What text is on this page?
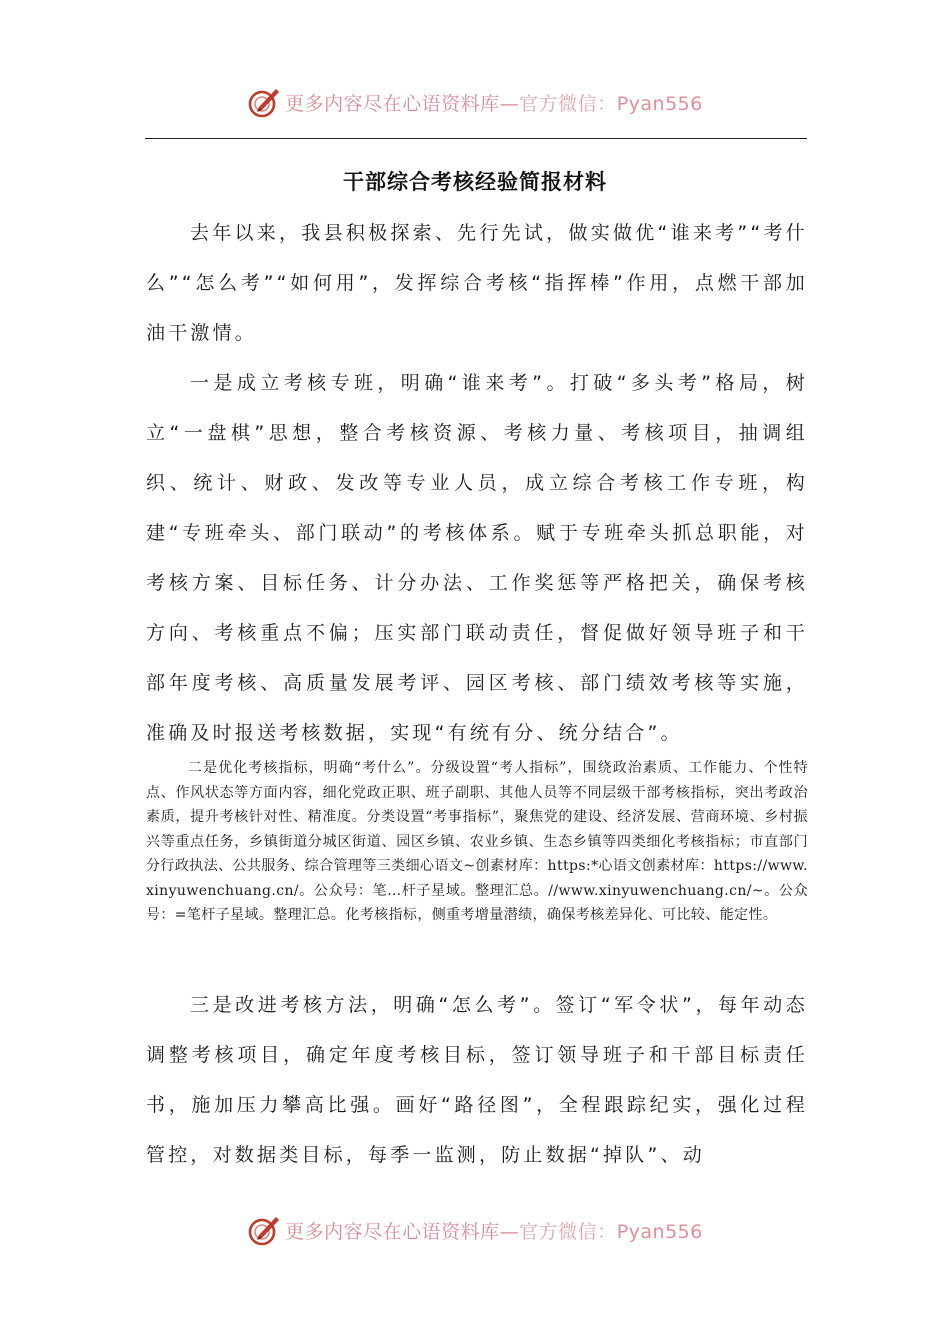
更多内容尽在心语资料库—官方微信：Pyan556
干部综合考核经验简报材料

去年以来，我县积极探索、先行先试，做实做优“谁来考”“考什么”“怎么考”“如何用”，发挥综合考核“指挥棒”作用，点燃干部加油干激情。

一是成立考核专班，明确“谁来考”。打破“多头考”格局，树立“一盘棋”思想，整合考核资源、考核力量、考核项目，抽调组织、统计、财政、发改等专业人员，成立综合考核工作专班，构建“专班牵头、部门联动”的考核体系。赋于专班牵头抓总职能，对考核方案、目标任务、计分办法、工作奖惩等严格把关，确保考核方向、考核重点不偏；压实部门联动责任，督促做好领导班子和干部年度考核、高质量发展考评、园区考核、部门绩效考核等实施，准确及时报送考核数据，实现“有统有分、统分结合”。

二是优化考核指标，明确“考什么”。分级设置“考人指标”，围绕政治素质、工作能力、个性特点、作风状态等方面内容，细化党政正职、班子副职、其他人员等不同层级干部考核指标，突出考政治素质，提升考核针对性、精准度。分类设置“考事指标”，聚焦党的建设、经济发展、营商环境、乡村振兴等重点任务，乡镇街道分城区街道、园区乡镇、农业乡镇、生态乡镇等四类细化考核指标；市直部门分行政执法、公共服务、综合管理等三类细心语文~创素材库：https:*心语文创素材库：https://www.xinyuwenchuang.cn/。公众号：笔…杆子星域。整理汇总。//www.xinyuwenchuang.cn/~。公众号：=笔杆子星域。整理汇总。化考核指标，侧重考增量潜绩，确保考核差异化、可比较、能定性。

三是改进考核方法，明确“怎么考”。签订“军令状”，每年动态调整考核项目，确定年度考核目标，签订领导班子和干部目标责任书，施加压力攀高比强。画好“路径图”，全程跟踪纪实，强化过程管控，对数据类目标，每季一监测，防止数据“掉队”、动

更多内容尽在心语资料库—官方微信：Pyan556
